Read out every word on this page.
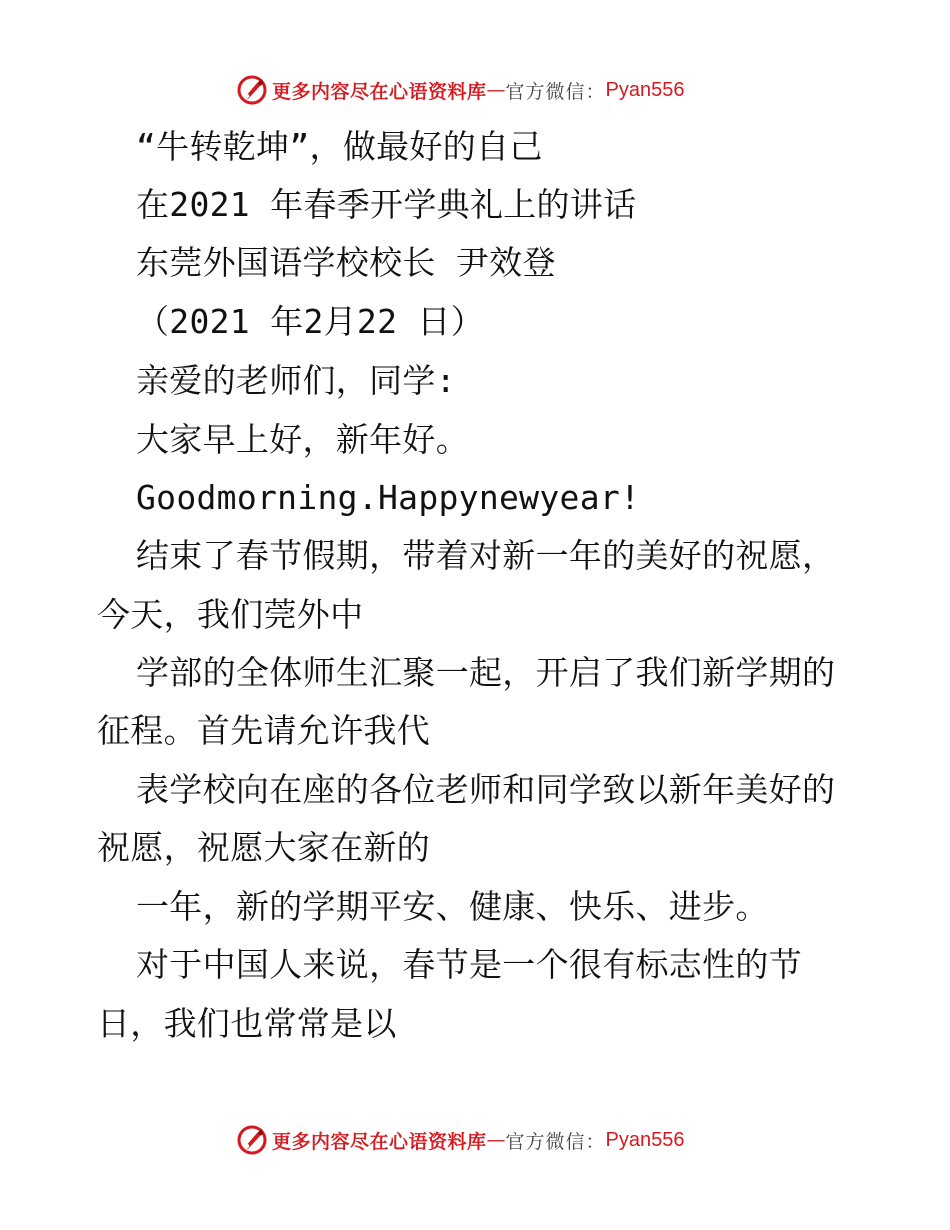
更多内容尽在心语资料库 — 官方微信： Pyan556

“牛转乾坤”，做最好的自己

在2021 年春季开学典礼上的讲话

东莞外国语学校校长 尹效登

（2021 年2月22 日）

亲爱的老师们，同学:

大家早上好，新年好。

Goodmorning.Happynewyear!

结束了春节假期，带着对新一年的美好的祝愿，

今天，我们莞外中

学部的全体师生汇聚一起，开启了我们新学期的

征程。首先请允许我代

表学校向在座的各位老师和同学致以新年美好的

祝愿，祝愿大家在新的

一年，新的学期平安、健康、快乐、进步。

对于中国人来说，春节是一个很有标志性的节

日，我们也常常是以

更多内容尽在心语资料库 — 官方微信： Pyan556
